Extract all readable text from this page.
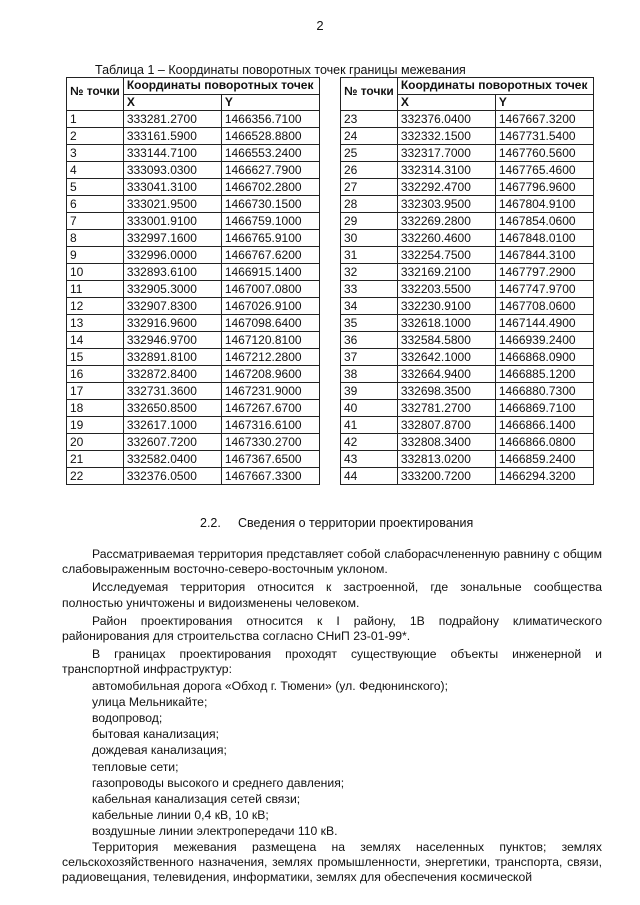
2
Таблица 1 – Координаты поворотных точек границы межевания
№ точки	Координаты поворотных точек	
	X	Y
1	333281.2700	1466356.7100
2	333161.5900	1466528.8800
3	333144.7100	1466553.2400
4	333093.0300	1466627.7900
5	333041.3100	1466702.2800
6	333021.9500	1466730.1500
7	333001.9100	1466759.1000
8	332997.1600	1466765.9100
9	332996.0000	1466767.6200
10	332893.6100	1466915.1400
11	332905.3000	1467007.0800
12	332907.8300	1467026.9100
13	332916.9600	1467098.6400
14	332946.9700	1467120.8100
15	332891.8100	1467212.2800
16	332872.8400	1467208.9600
17	332731.3600	1467231.9000
18	332650.8500	1467267.6700
19	332617.1000	1467316.6100
20	332607.7200	1467330.2700
21	332582.0400	1467367.6500
22	332376.0500	1467667.3300
№ точки	Координаты поворотных точек	
	X	Y
23	332376.0400	1467667.3200
24	332332.1500	1467731.5400
25	332317.7000	1467760.5600
26	332314.3100	1467765.4600
27	332292.4700	1467796.9600
28	332303.9500	1467804.9100
29	332269.2800	1467854.0600
30	332260.4600	1467848.0100
31	332254.7500	1467844.3100
32	332169.2100	1467797.2900
33	332203.5500	1467747.9700
34	332230.9100	1467708.0600
35	332618.1000	1467144.4900
36	332584.5800	1466939.2400
37	332642.1000	1466868.0900
38	332664.9400	1466885.1200
39	332698.3500	1466880.7300
40	332781.2700	1466869.7100
41	332807.8700	1466866.1400
42	332808.3400	1466866.0800
43	332813.0200	1466859.2400
44	333200.7200	1466294.3200
2.2. Сведения о территории проектирования

Рассматриваемая территория представляет собой слаборасчлененную равнину с общим слабовыраженным восточно-северо-восточным уклоном.

Исследуемая территория относится к застроенной, где зональные сообщества полностью уничтожены и видоизменены человеком.

Район проектирования относится к I району, 1В подрайону климатического районирования для строительства согласно СНиП 23-01-99*.

В границах проектирования проходят существующие объекты инженерной и транспортной инфраструктур:

автомобильная дорога «Обход г. Тюмени» (ул. Федюнинского);
улица Мельникайте;
водопровод;
бытовая канализация;
дождевая канализация;
тепловые сети;
газопроводы высокого и среднего давления;
кабельная канализация сетей связи;
кабельные линии 0,4 кВ, 10 кВ;
воздушные линии электропередачи 110 кВ.

Территория межевания размещена на землях населенных пунктов; землях сельскохозяйственного назначения, землях промышленности, энергетики, транспорта, связи, радиовещания, телевидения, информатики, землях для обеспечения космической
